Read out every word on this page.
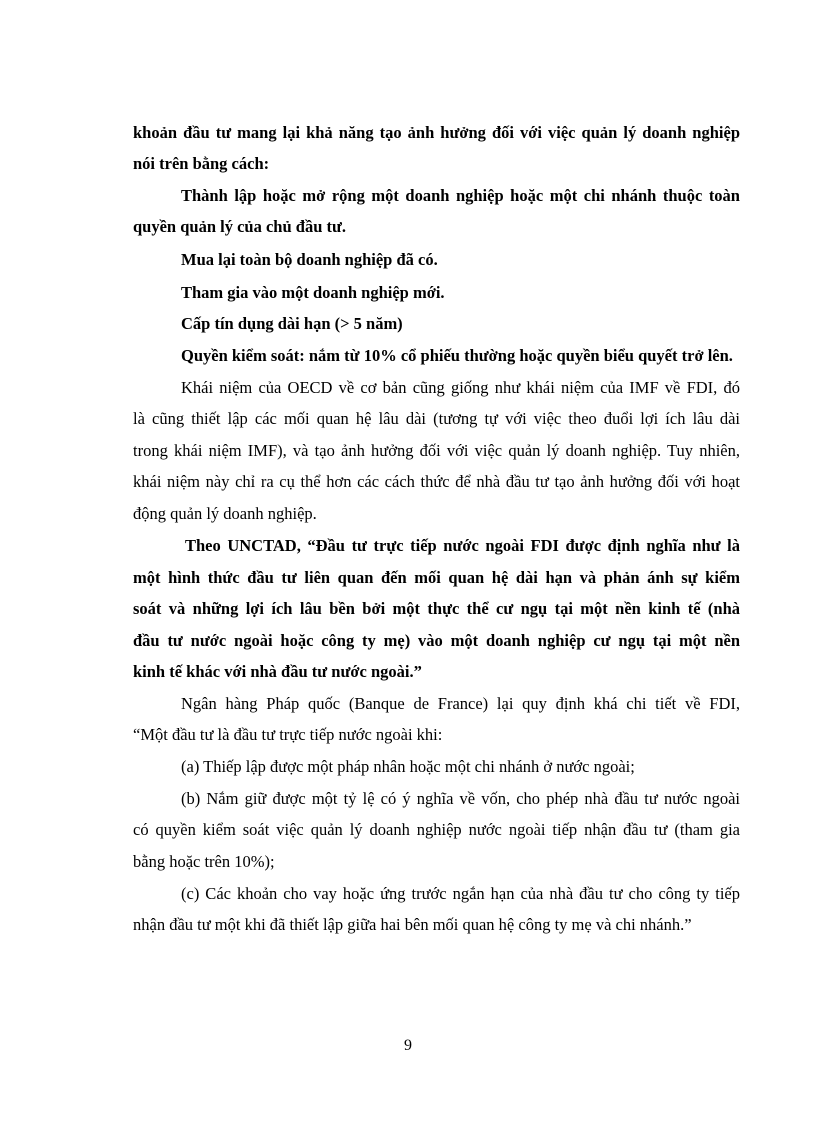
khoản đầu tư mang lại khả năng tạo ảnh hưởng đối với việc quản lý doanh nghiệp
nói trên bằng cách:
Thành lập hoặc mở rộng một doanh nghiệp hoặc một chi nhánh thuộc toàn
quyền quản lý của chủ đầu tư.
Mua lại toàn bộ doanh nghiệp đã có.
Tham gia vào một doanh nghiệp mới.
Cấp tín dụng dài hạn (> 5 năm)
Quyền kiểm soát: nắm từ 10% cổ phiếu thường hoặc quyền biểu quyết trở lên.
Khái niệm của OECD về cơ bản cũng giống như khái niệm của IMF về FDI, đó
là cũng thiết lập các mối quan hệ lâu dài (tương tự với việc theo đuổi lợi ích lâu dài
trong khái niệm IMF), và tạo ảnh hưởng đối với việc quản lý doanh nghiệp. Tuy nhiên,
khái niệm này chỉ ra cụ thể hơn các cách thức để nhà đầu tư tạo ảnh hưởng đối với hoạt
động quản lý doanh nghiệp.
Theo UNCTAD, “Đầu tư trực tiếp nước ngoài FDI được định nghĩa như là
một hình thức đầu tư liên quan đến mối quan hệ dài hạn và phản ánh sự kiểm
soát và những lợi ích lâu bền bởi một thực thể cư ngụ tại một nền kinh tế (nhà
đầu tư nước ngoài hoặc công ty mẹ) vào một doanh nghiệp cư ngụ tại một nền
kinh tế khác với nhà đầu tư nước ngoài.”
Ngân hàng Pháp quốc (Banque de France) lại quy định khá chi tiết về FDI,
“Một đầu tư là đầu tư trực tiếp nước ngoài khi:
(a) Thiếp lập được một pháp nhân hoặc một chi nhánh ở nước ngoài;
(b) Nắm giữ được một tỷ lệ có ý nghĩa về vốn, cho phép nhà đầu tư nước ngoài
có quyền kiểm soát việc quản lý doanh nghiệp nước ngoài tiếp nhận đầu tư (tham gia
bằng hoặc trên 10%);
(c) Các khoản cho vay hoặc ứng trước ngắn hạn của nhà đầu tư cho công ty tiếp
nhận đầu tư một khi đã thiết lập giữa hai bên mối quan hệ công ty mẹ và chi nhánh.”
9
